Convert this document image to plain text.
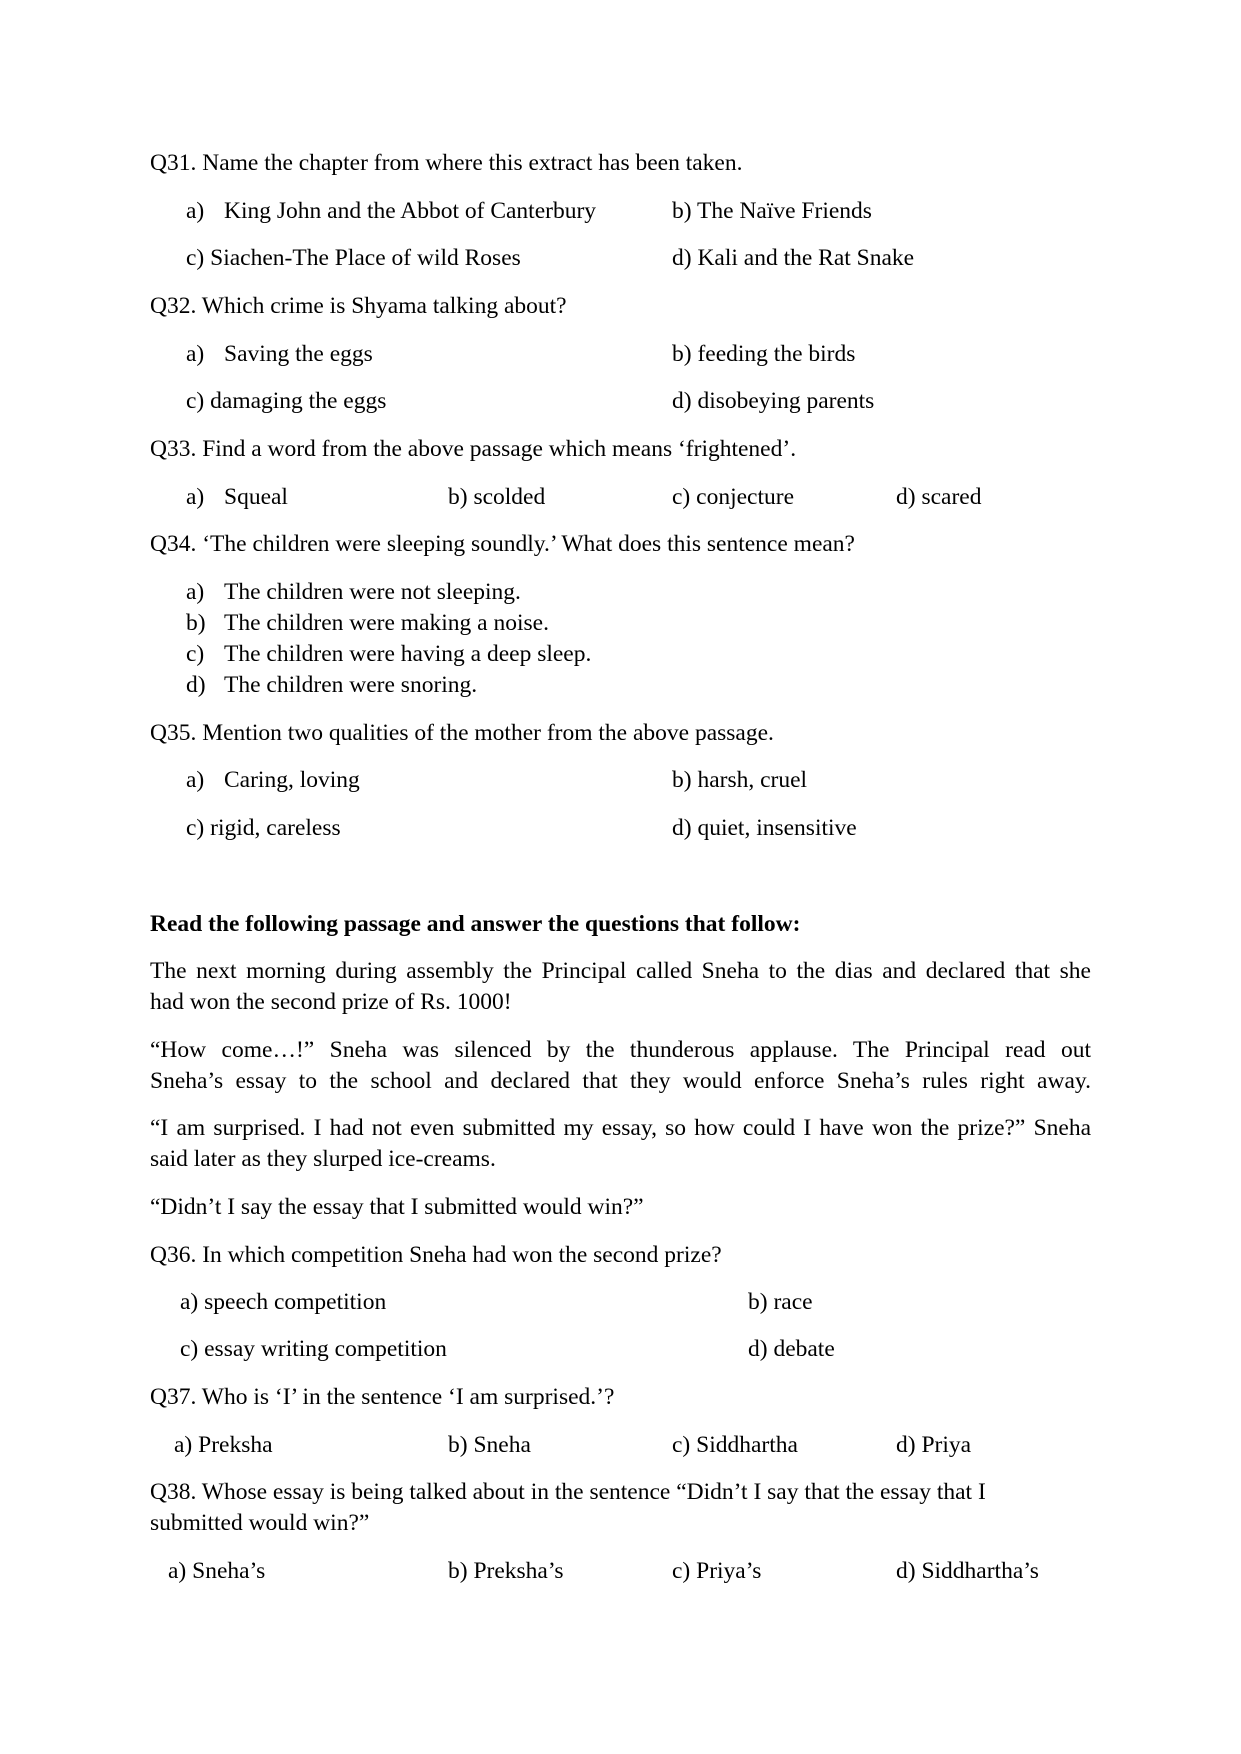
Q31. Name the chapter from where this extract has been taken.
a) King John and the Abbot of Canterbury	b) The Naïve Friends
c) Siachen-The Place of wild Roses	d) Kali and the Rat Snake
Q32. Which crime is Shyama talking about?
a) Saving the eggs	b) feeding the birds
c) damaging the eggs	d) disobeying parents
Q33. Find a word from the above passage which means ‘frightened’.
a) Squeal	b) scolded	c) conjecture	d) scared
Q34. ‘The children were sleeping soundly.’ What does this sentence mean?
a) The children were not sleeping.
b) The children were making a noise.
c) The children were having a deep sleep.
d) The children were snoring.
Q35. Mention two qualities of the mother from the above passage.
a) Caring, loving	b) harsh, cruel
c) rigid, careless	d) quiet, insensitive
Read the following passage and answer the questions that follow:
The next morning during assembly the Principal called Sneha to the dias and declared that she
had won the second prize of Rs. 1000!
“How come…!” Sneha was silenced by the thunderous applause. The Principal read out
Sneha’s essay to the school and declared that they would enforce Sneha’s rules right away.
“I am surprised. I had not even submitted my essay, so how could I have won the prize?” Sneha
said later as they slurped ice-creams.
“Didn’t I say the essay that I submitted would win?”
Q36. In which competition Sneha had won the second prize?
a) speech competition	b) race
c) essay writing competition	d) debate
Q37. Who is ‘I’ in the sentence ‘I am surprised.’?
a) Preksha	b) Sneha	c) Siddhartha	d) Priya
Q38. Whose essay is being talked about in the sentence “Didn’t I say that the essay that I
submitted would win?”
a) Sneha’s	b) Preksha’s	c) Priya’s	d) Siddhartha’s
